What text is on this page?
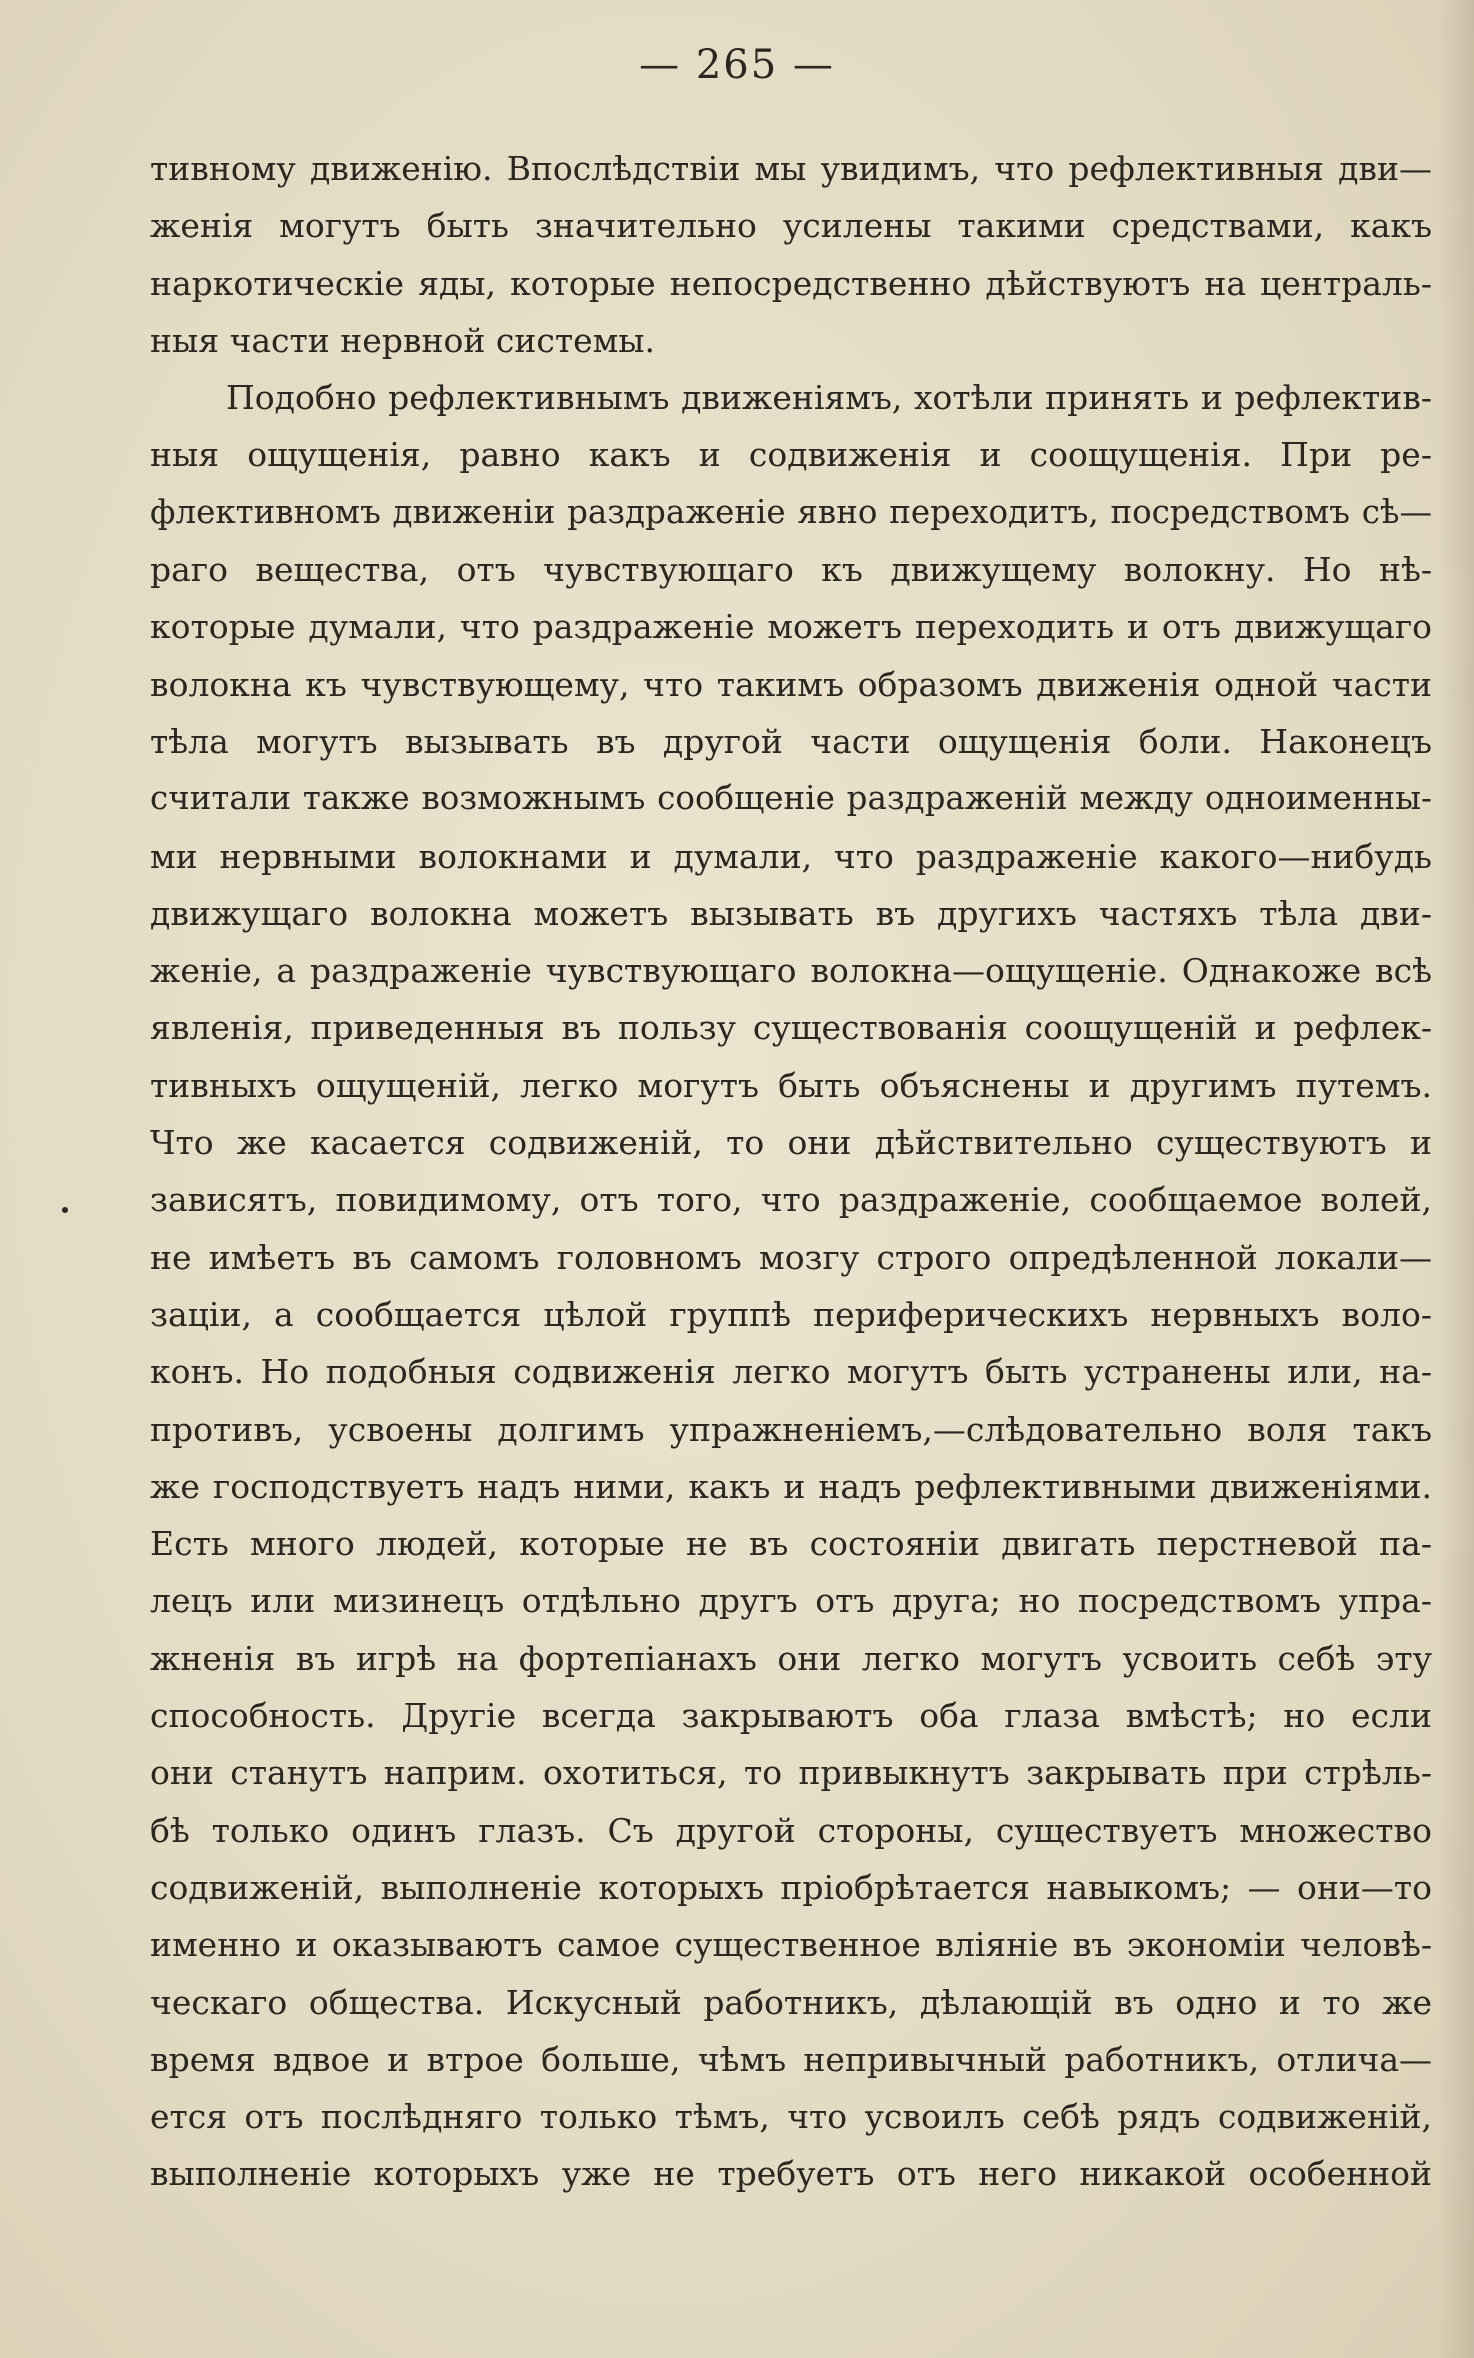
— 265 —
тивному движенію. Впослѣдствіи мы увидимъ, что рефлективныя дви—
женія могутъ быть значительно усилены такими средствами, какъ
наркотическіе яды, которые непосредственно дѣйствуютъ на централь-
ныя части нервной системы.
Подобно рефлективнымъ движеніямъ, хотѣли принять и рефлектив-
ныя ощущенія, равно какъ и содвиженія и соощущенія. При ре-
флективномъ движеніи раздраженіе явно переходитъ, посредствомъ сѣ—
раго вещества, отъ чувствующаго къ движущему волокну. Но нѣ-
которые думали, что раздраженіе можетъ переходить и отъ движущаго
волокна къ чувствующему, что такимъ образомъ движенія одной части
тѣла могутъ вызывать въ другой части ощущенія боли. Наконецъ
считали также возможнымъ сообщеніе раздраженій между одноименны-
ми нервными волокнами и думали, что раздраженіе какого—нибудь
движущаго волокна можетъ вызывать въ другихъ частяхъ тѣла дви-
женіе, а раздраженіе чувствующаго волокна—ощущеніе. Однакоже всѣ
явленія, приведенныя въ пользу существованія соощущеній и рефлек-
тивныхъ ощущеній, легко могутъ быть объяснены и другимъ путемъ.
Что же касается содвиженій, то они дѣйствительно существуютъ и
зависятъ, повидимому, отъ того, что раздраженіе, сообщаемое волей,
не имѣетъ въ самомъ головномъ мозгу строго опредѣленной локали—
заціи, а сообщается цѣлой группѣ периферическихъ нервныхъ воло-
конъ. Но подобныя содвиженія легко могутъ быть устранены или, на-
противъ, усвоены долгимъ упражненіемъ,—слѣдовательно воля такъ
же господствуетъ надъ ними, какъ и надъ рефлективными движеніями.
Есть много людей, которые не въ состояніи двигать перстневой па-
лецъ или мизинецъ отдѣльно другъ отъ друга; но посредствомъ упра-
жненія въ игрѣ на фортепіанахъ они легко могутъ усвоить себѣ эту
способность. Другіе всегда закрываютъ оба глаза вмѣстѣ; но если
они станутъ наприм. охотиться, то привыкнутъ закрывать при стрѣль-
бѣ только одинъ глазъ. Съ другой стороны, существуетъ множество
содвиженій, выполненіе которыхъ пріобрѣтается навыкомъ; — они—то
именно и оказываютъ самое существенное вліяніе въ экономіи человѣ-
ческаго общества. Искусный работникъ, дѣлающій въ одно и то же
время вдвое и втрое больше, чѣмъ непривычный работникъ, отлича—
ется отъ послѣдняго только тѣмъ, что усвоилъ себѣ рядъ содвиженій,
выполненіе которыхъ уже не требуетъ отъ него никакой особенной
